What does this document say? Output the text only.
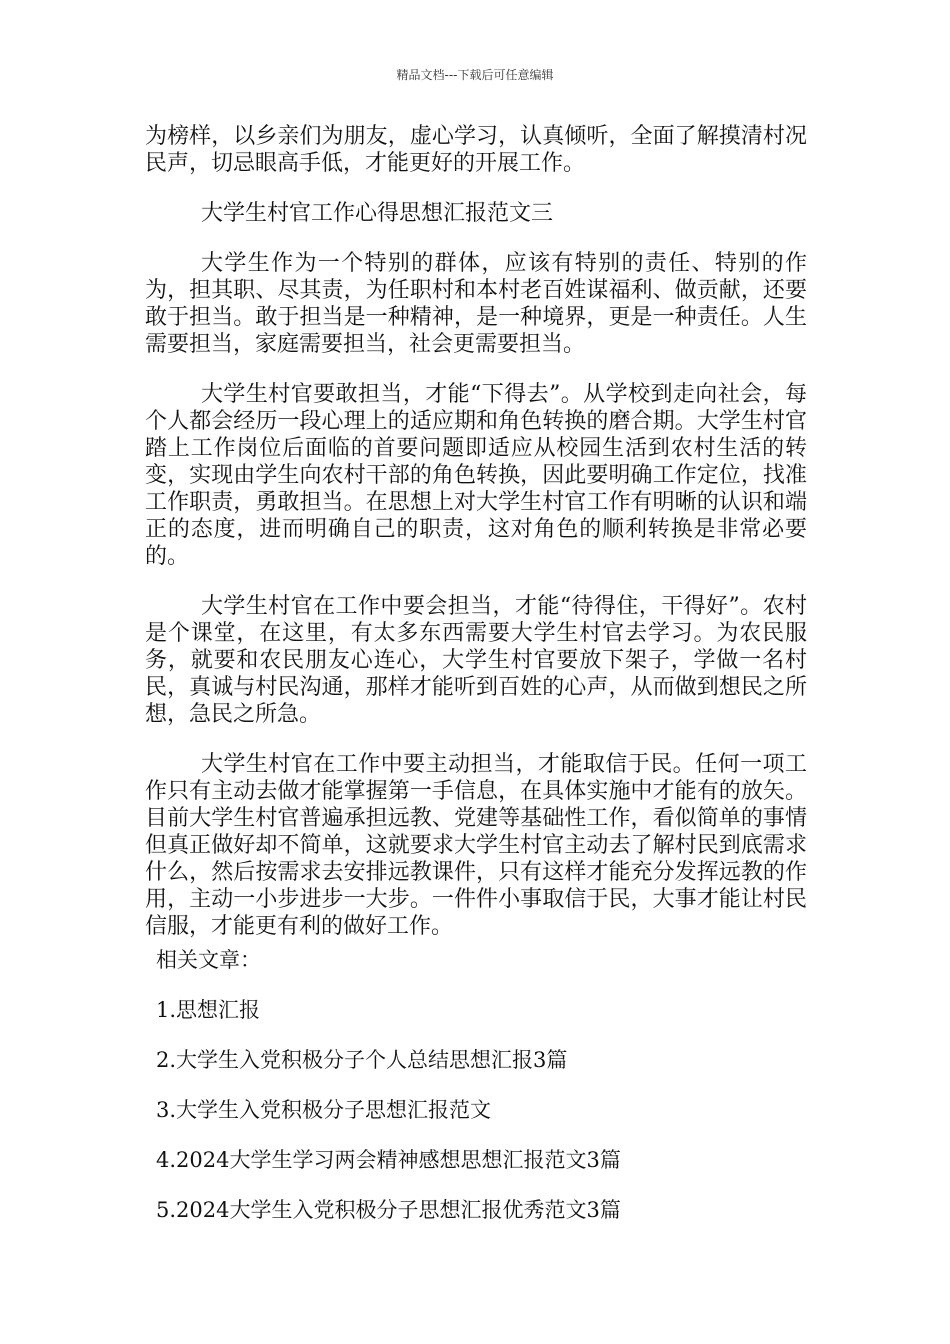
精品文档---下载后可任意编辑

为榜样，以乡亲们为朋友，虚心学习，认真倾听，全面了解摸清村况民声，切忌眼高手低，才能更好的开展工作。

大学生村官工作心得思想汇报范文三

大学生作为一个特别的群体，应该有特别的责任、特别的作为，担其职、尽其责，为任职村和本村老百姓谋福利、做贡献，还要敢于担当。敢于担当是一种精神，是一种境界，更是一种责任。人生需要担当，家庭需要担当，社会更需要担当。

大学生村官要敢担当，才能“下得去”。从学校到走向社会，每个人都会经历一段心理上的适应期和角色转换的磨合期。大学生村官踏上工作岗位后面临的首要问题即适应从校园生活到农村生活的转变，实现由学生向农村干部的角色转换，因此要明确工作定位，找准工作职责，勇敢担当。在思想上对大学生村官工作有明晰的认识和端正的态度，进而明确自己的职责，这对角色的顺利转换是非常必要的。

大学生村官在工作中要会担当，才能“待得住，干得好”。农村是个课堂，在这里，有太多东西需要大学生村官去学习。为农民服务，就要和农民朋友心连心，大学生村官要放下架子，学做一名村民，真诚与村民沟通，那样才能听到百姓的心声，从而做到想民之所想，急民之所急。

大学生村官在工作中要主动担当，才能取信于民。任何一项工作只有主动去做才能掌握第一手信息，在具体实施中才能有的放矢。目前大学生村官普遍承担远教、党建等基础性工作，看似简单的事情但真正做好却不简单，这就要求大学生村官主动去了解村民到底需求什么，然后按需求去安排远教课件，只有这样才能充分发挥远教的作用，主动一小步进步一大步。一件件小事取信于民，大事才能让村民信服，才能更有利的做好工作。

相关文章：
1.思想汇报
2.大学生入党积极分子个人总结思想汇报3篇
3.大学生入党积极分子思想汇报范文
4.2024大学生学习两会精神感想思想汇报范文3篇
5.2024大学生入党积极分子思想汇报优秀范文3篇
